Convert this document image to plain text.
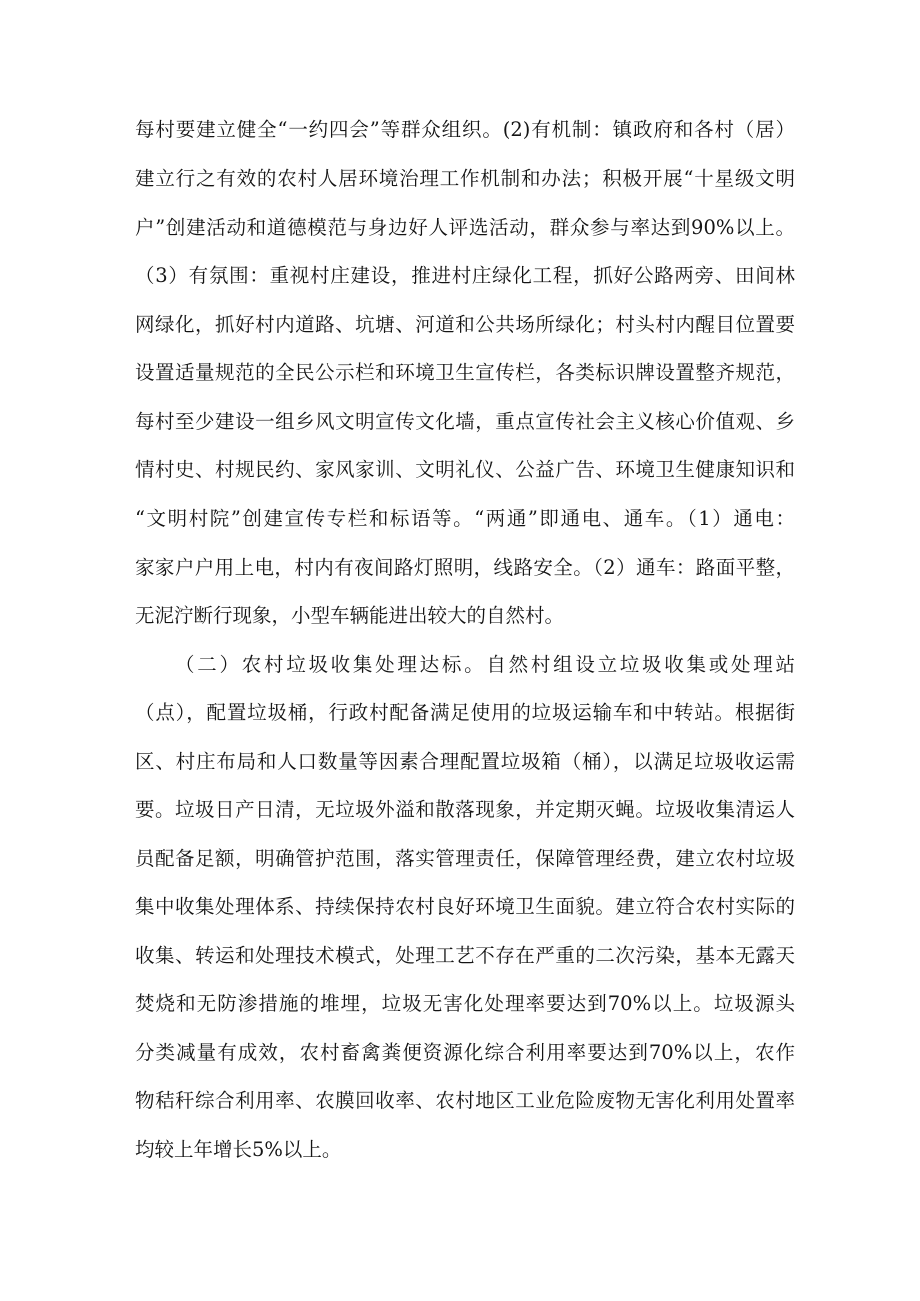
每村要建立健全“一约四会”等群众组织。(2)有机制：镇政府和各村（居）
建立行之有效的农村人居环境治理工作机制和办法；积极开展“十星级文明
户”创建活动和道德模范与身边好人评选活动，群众参与率达到90%以上。
（3）有氛围：重视村庄建设，推进村庄绿化工程，抓好公路两旁、田间林
网绿化，抓好村内道路、坑塘、河道和公共场所绿化；村头村内醒目位置要
设置适量规范的全民公示栏和环境卫生宣传栏，各类标识牌设置整齐规范，
每村至少建设一组乡风文明宣传文化墙，重点宣传社会主义核心价值观、乡
情村史、村规民约、家风家训、文明礼仪、公益广告、环境卫生健康知识和
“文明村院”创建宣传专栏和标语等。“两通”即通电、通车。（1）通电：
家家户户用上电，村内有夜间路灯照明，线路安全。（2）通车：路面平整，
无泥泞断行现象，小型车辆能进出较大的自然村。
（二）农村垃圾收集处理达标。自然村组设立垃圾收集或处理站
（点），配置垃圾桶，行政村配备满足使用的垃圾运输车和中转站。根据街
区、村庄布局和人口数量等因素合理配置垃圾箱（桶），以满足垃圾收运需
要。垃圾日产日清，无垃圾外溢和散落现象，并定期灭蝇。垃圾收集清运人
员配备足额，明确管护范围，落实管理责任，保障管理经费，建立农村垃圾
集中收集处理体系、持续保持农村良好环境卫生面貌。建立符合农村实际的
收集、转运和处理技术模式，处理工艺不存在严重的二次污染，基本无露天
焚烧和无防渗措施的堆埋，垃圾无害化处理率要达到70%以上。垃圾源头
分类减量有成效，农村畜禽粪便资源化综合利用率要达到70%以上，农作
物秸秆综合利用率、农膜回收率、农村地区工业危险废物无害化利用处置率
均较上年增长5%以上。
